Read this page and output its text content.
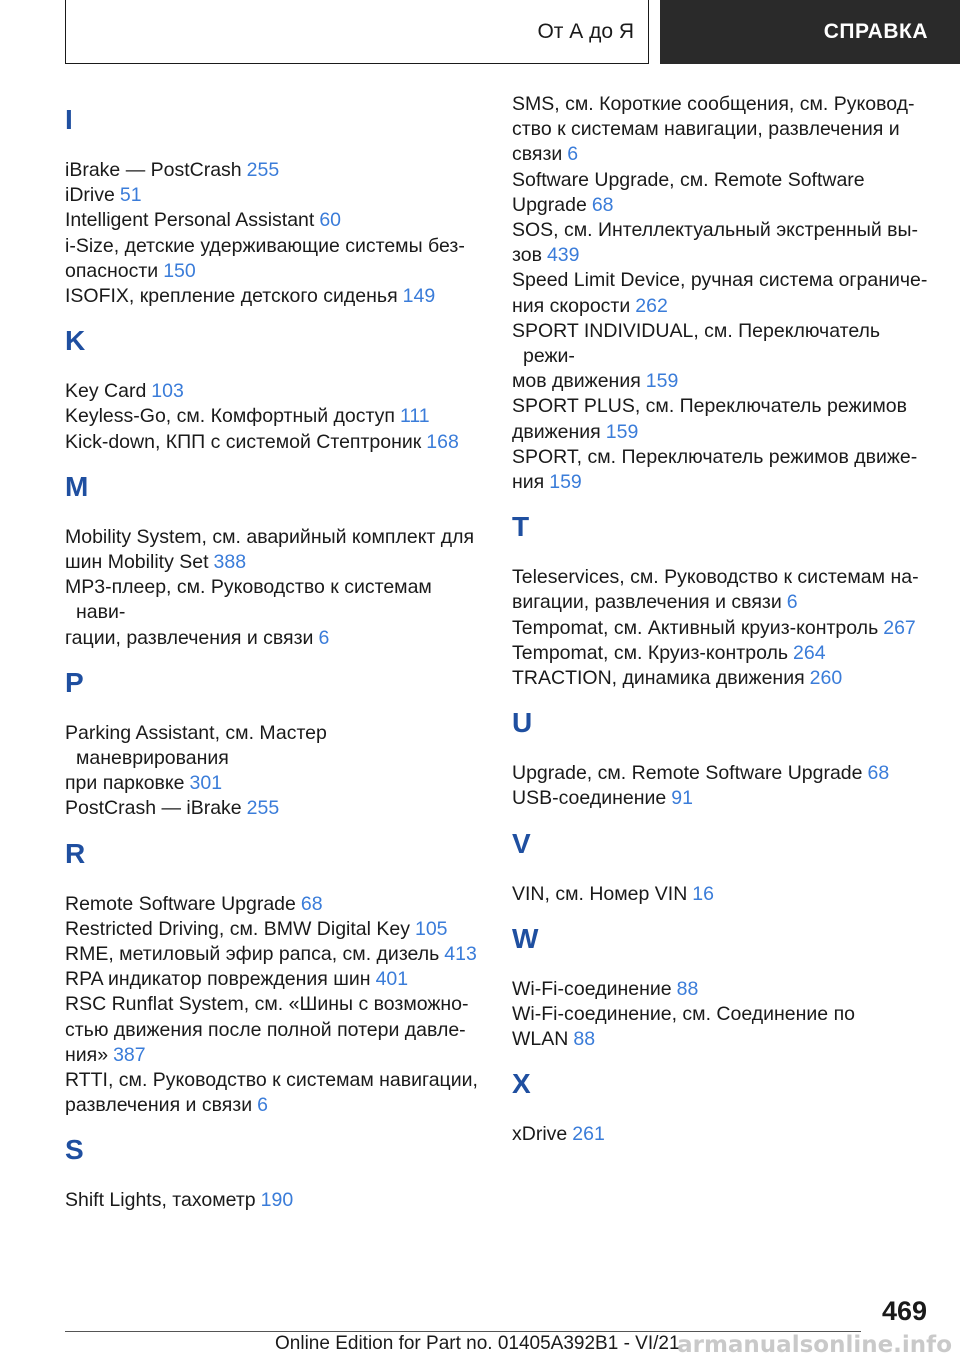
От А до Я	СПРАВКА
I
iBrake — PostCrash 255
iDrive 51
Intelligent Personal Assistant 60
i-Size, детские удерживающие системы без-
опасности 150
ISOFIX, крепление детского сиденья 149
K
Key Card 103
Keyless-Go, см. Комфортный доступ 111
Kick-down, КПП с системой Стептроник 168
M
Mobility System, см. аварийный комплект для
шин Mobility Set 388
MP3-плеер, см. Руководство к системам нави-
гации, развлечения и связи 6
P
Parking Assistant, см. Мастер маневрирования
при парковке 301
PostCrash — iBrake 255
R
Remote Software Upgrade 68
Restricted Driving, см. BMW Digital Key 105
RME, метиловый эфир рапса, см. дизель 413
RPA индикатор повреждения шин 401
RSC Runflat System, см. «Шины с возможно-
стью движения после полной потери давле-
ния» 387
RTTI, см. Руководство к системам навигации,
развлечения и связи 6
S
Shift Lights, тахометр 190
SMS, см. Короткие сообщения, см. Руковод-
ство к системам навигации, развлечения и
связи 6
Software Upgrade, см. Remote Software
Upgrade 68
SOS, см. Интеллектуальный экстренный вы-
зов 439
Speed Limit Device, ручная система ограниче-
ния скорости 262
SPORT INDIVIDUAL, см. Переключатель режи-
мов движения 159
SPORT PLUS, см. Переключатель режимов
движения 159
SPORT, см. Переключатель режимов движе-
ния 159
T
Teleservices, см. Руководство к системам на-
вигации, развлечения и связи 6
Tempomat, см. Активный круиз-контроль 267
Tempomat, см. Круиз-контроль 264
TRACTION, динамика движения 260
U
Upgrade, см. Remote Software Upgrade 68
USB-соединение 91
V
VIN, см. Номер VIN 16
W
Wi-Fi-соединение 88
Wi-Fi-соединение, см. Соединение по
WLAN 88
X
xDrive 261
469
Online Edition for Part no. 01405A392B1 - VI/21
armanualsonline.info
